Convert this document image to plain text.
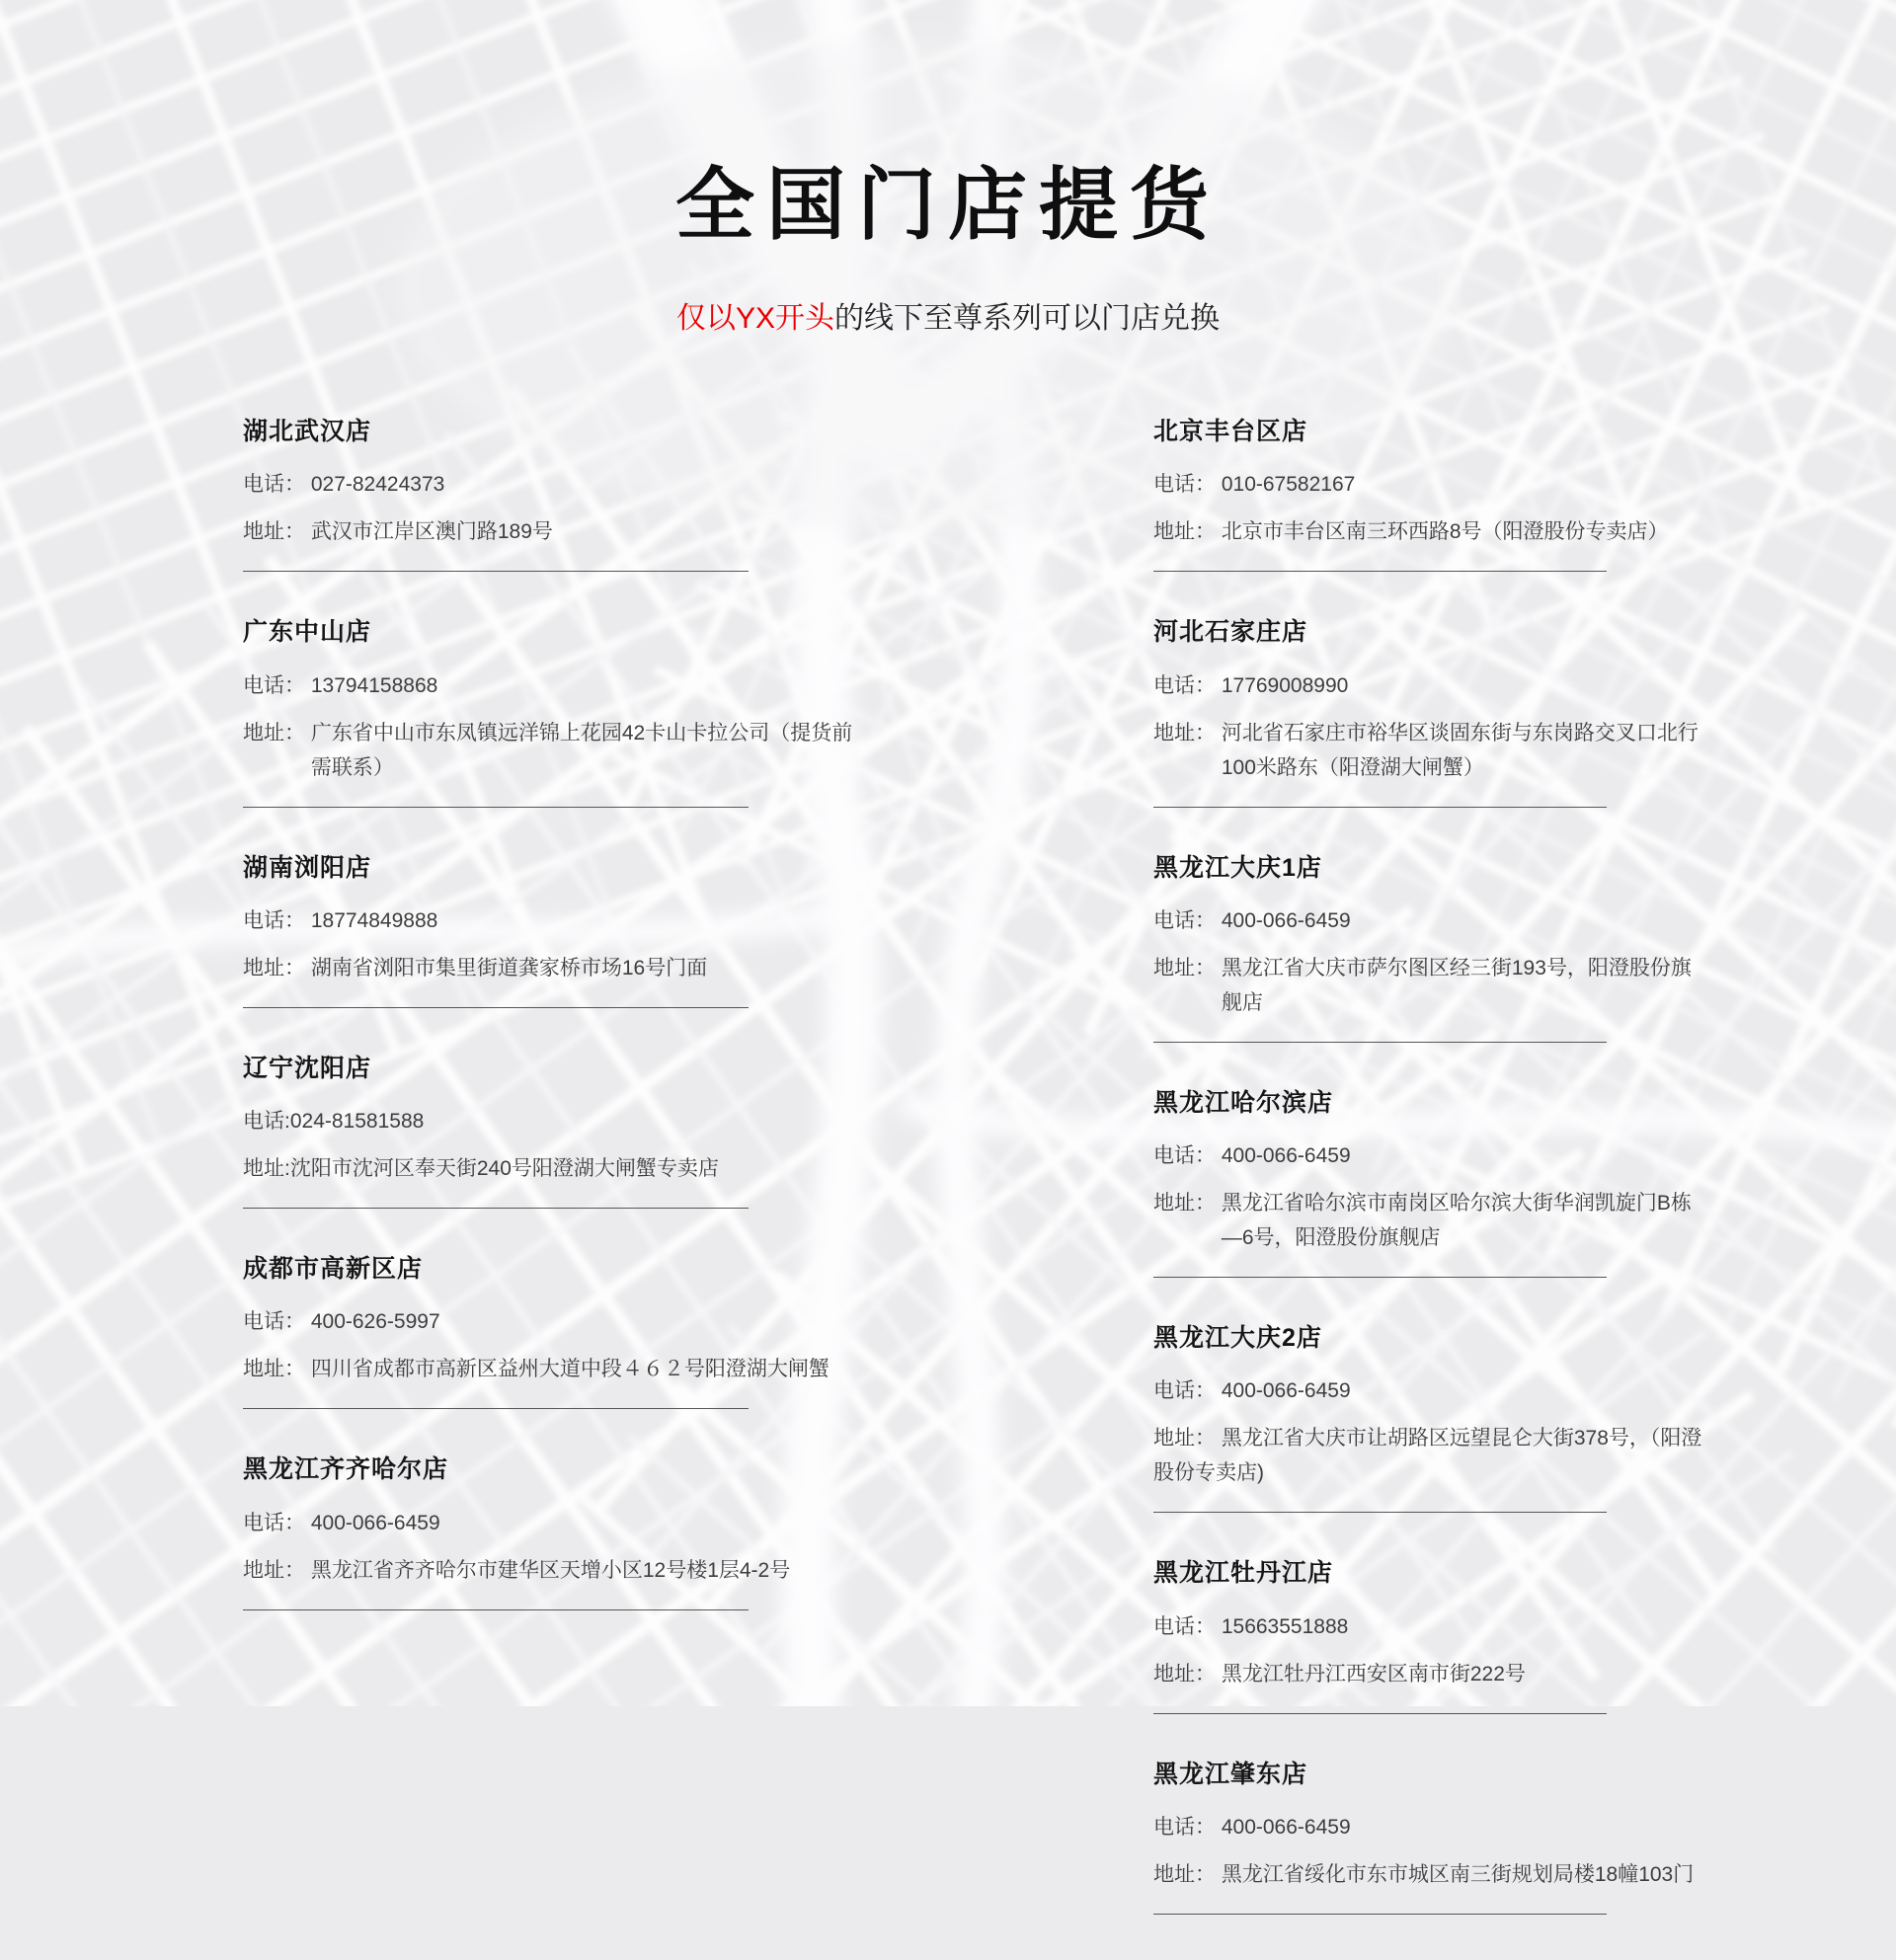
全国门店提货

仅以YX开头的线下至尊系列可以门店兑换

湖北武汉店

电话： 027-82424373

地址： 武汉市江岸区澳门路189号
广东中山店

电话： 13794158868

地址： 广东省中山市东凤镇远洋锦上花园42卡山卡拉公司（提货前
需联系）
湖南浏阳店

电话： 18774849888

地址： 湖南省浏阳市集里街道龚家桥市场16号门面
辽宁沈阳店

电话:024-81581588

地址: 沈阳市沈河区奉天街240号阳澄湖大闸蟹专卖店
成都市高新区店

电话： 400-626-5997

地址： 四川省成都市高新区益州大道中段４６２号阳澄湖大闸蟹
黑龙江齐齐哈尔店

电话： 400-066-6459

地址： 黑龙江省齐齐哈尔市建华区天增小区12号楼1层4-2号
北京丰台区店

电话： 010-67582167

地址： 北京市丰台区南三环西路8号（阳澄股份专卖店）
河北石家庄店

电话： 17769008990

地址： 河北省石家庄市裕华区谈固东街与东岗路交叉口北行
100米路东（阳澄湖大闸蟹）
黑龙江大庆1店

电话： 400-066-6459

地址： 黑龙江省大庆市萨尔图区经三街193号，阳澄股份旗
舰店
黑龙江哈尔滨店

电话： 400-066-6459

地址： 黑龙江省哈尔滨市南岗区哈尔滨大街华润凯旋门B栋
—6号，阳澄股份旗舰店
黑龙江大庆2店

电话： 400-066-6459

地址： 黑龙江省大庆市让胡路区远望昆仑大街378号，（阳澄
股份专卖店)
黑龙江牡丹江店

电话： 15663551888

地址： 黑龙江牡丹江西安区南市街222号
黑龙江肇东店

电话： 400-066-6459

地址： 黑龙江省绥化市东市城区南三街规划局楼18幢103门
